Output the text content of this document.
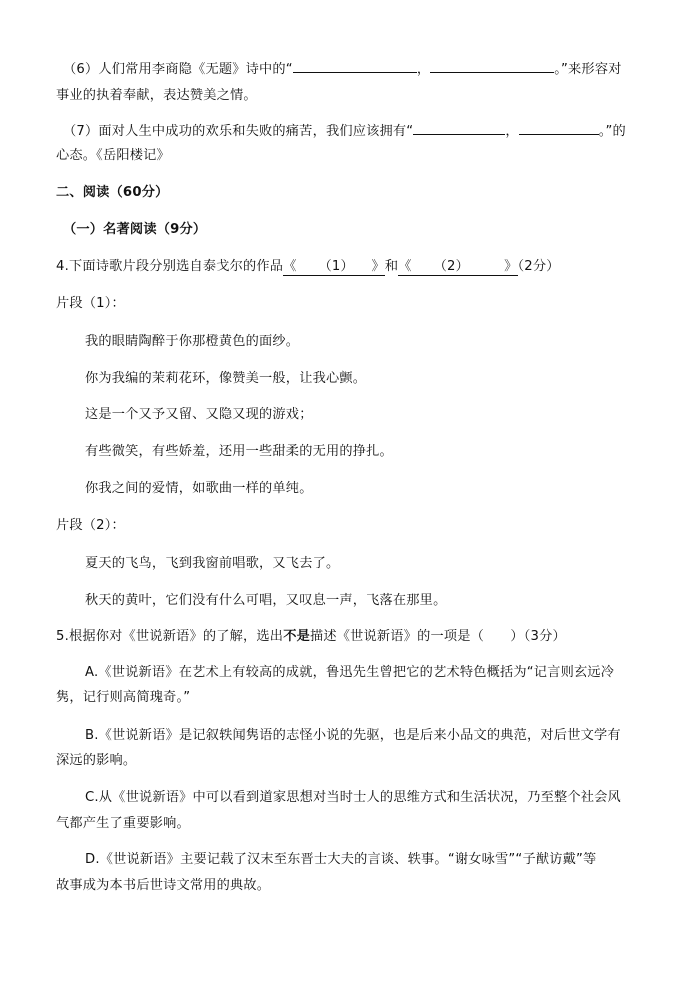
（6）人们常用李商隐《无题》诗中的“	，	。”来形容对
事业的执着奉献，表达赞美之情。
（7）面对人生中成功的欢乐和失败的痛苦，我们应该拥有“	，	。”的
心态。《岳阳楼记》
二、阅读（60分）
（一）名著阅读（9分）
4.下面诗歌片段分别选自泰戈尔的作品《     （1）    》和《     （2）        》（2分）
片段（1）：
我的眼睛陶醉于你那橙黄色的面纱。
你为我编的茉莉花环，像赞美一般，让我心颤。
这是一个又予又留、又隐又现的游戏；
有些微笑，有些娇羞，还用一些甜柔的无用的挣扎。
你我之间的爱情，如歌曲一样的单纯。
片段（2）：
夏天的飞鸟，飞到我窗前唱歌，又飞去了。
秋天的黄叶，它们没有什么可唱，又叹息一声，飞落在那里。
5.根据你对《世说新语》的了解，选出不是描述《世说新语》的一项是（      ）（3分）
A.《世说新语》在艺术上有较高的成就，鲁迅先生曾把它的艺术特色概括为“记言则玄远冷
隽，记行则高简瑰奇。”
B.《世说新语》是记叙轶闻隽语的志怪小说的先驱，也是后来小品文的典范，对后世文学有
深远的影响。
C.从《世说新语》中可以看到道家思想对当时士人的思维方式和生活状况，乃至整个社会风
气都产生了重要影响。
D.《世说新语》主要记载了汉末至东晋士大夫的言谈、轶事。“谢女咏雪”“子猷访戴”等
故事成为本书后世诗文常用的典故。
